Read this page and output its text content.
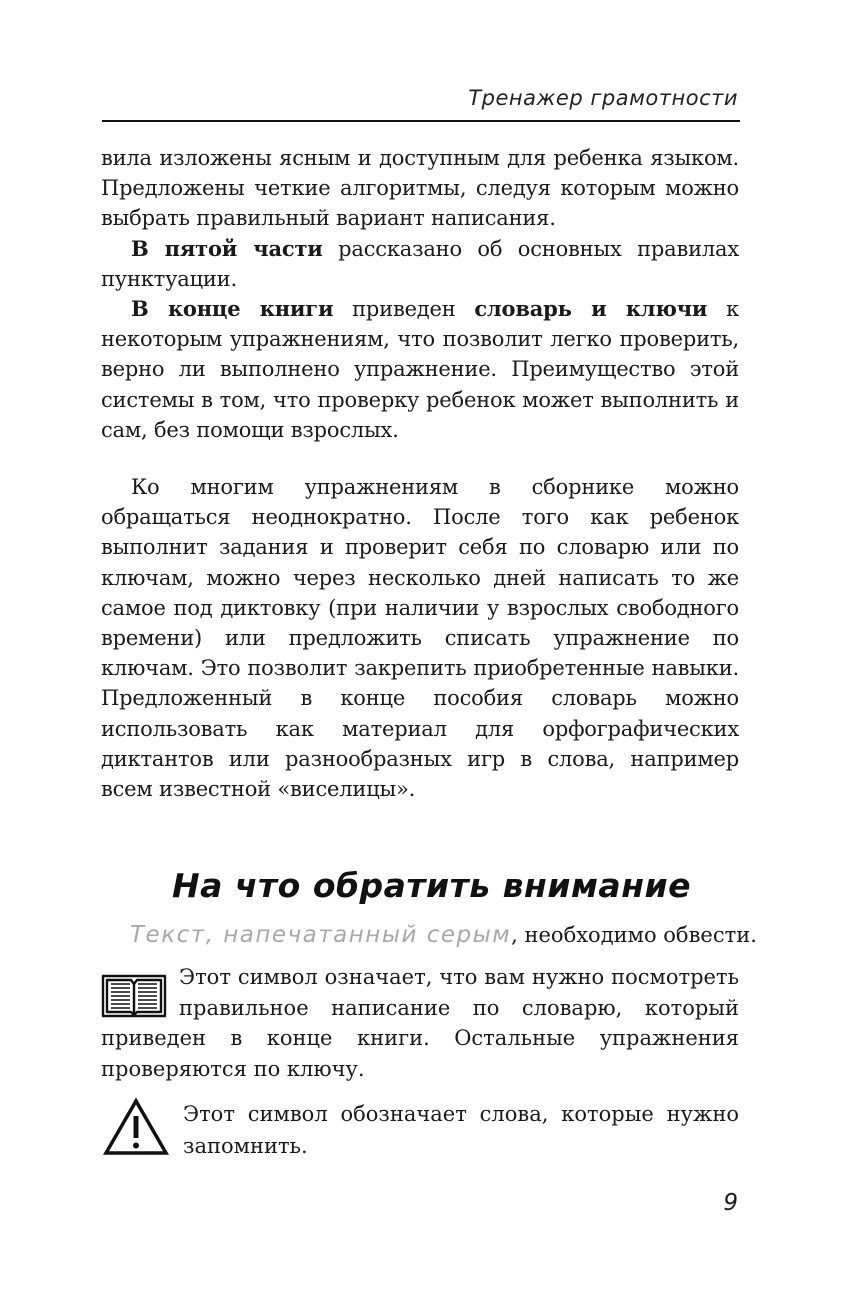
Тренажер грамотности

вила изложены ясным и доступным для ребенка языком. Предложены четкие алгоритмы, следуя которым можно выбрать правильный вариант написания.

В пятой части рассказано об основных правилах пунктуации.

В конце книги приведен словарь и ключи к некоторым упражнениям, что позволит легко проверить, верно ли выполнено упражнение. Преимущество этой системы в том, что проверку ребенок может выполнить и сам, без помощи взрослых.

Ко многим упражнениям в сборнике можно обращаться неоднократно. После того как ребенок выполнит задания и проверит себя по словарю или по ключам, можно через несколько дней написать то же самое под диктовку (при наличии у взрослых свободного времени) или предложить списать упражнение по ключам. Это позволит закрепить приобретенные навыки. Предложенный в конце пособия словарь можно использовать как материал для орфографических диктантов или разнообразных игр в слова, например всем известной «виселицы».

На что обратить внимание
Текст, напечатанный серым, необходимо обвести.

Этот символ означает, что вам нужно посмотреть правильное написание по словарю, который приведен в конце книги. Остальные упражнения проверяются по ключу.

Этот символ обозначает слова, которые нужно запомнить.
9
